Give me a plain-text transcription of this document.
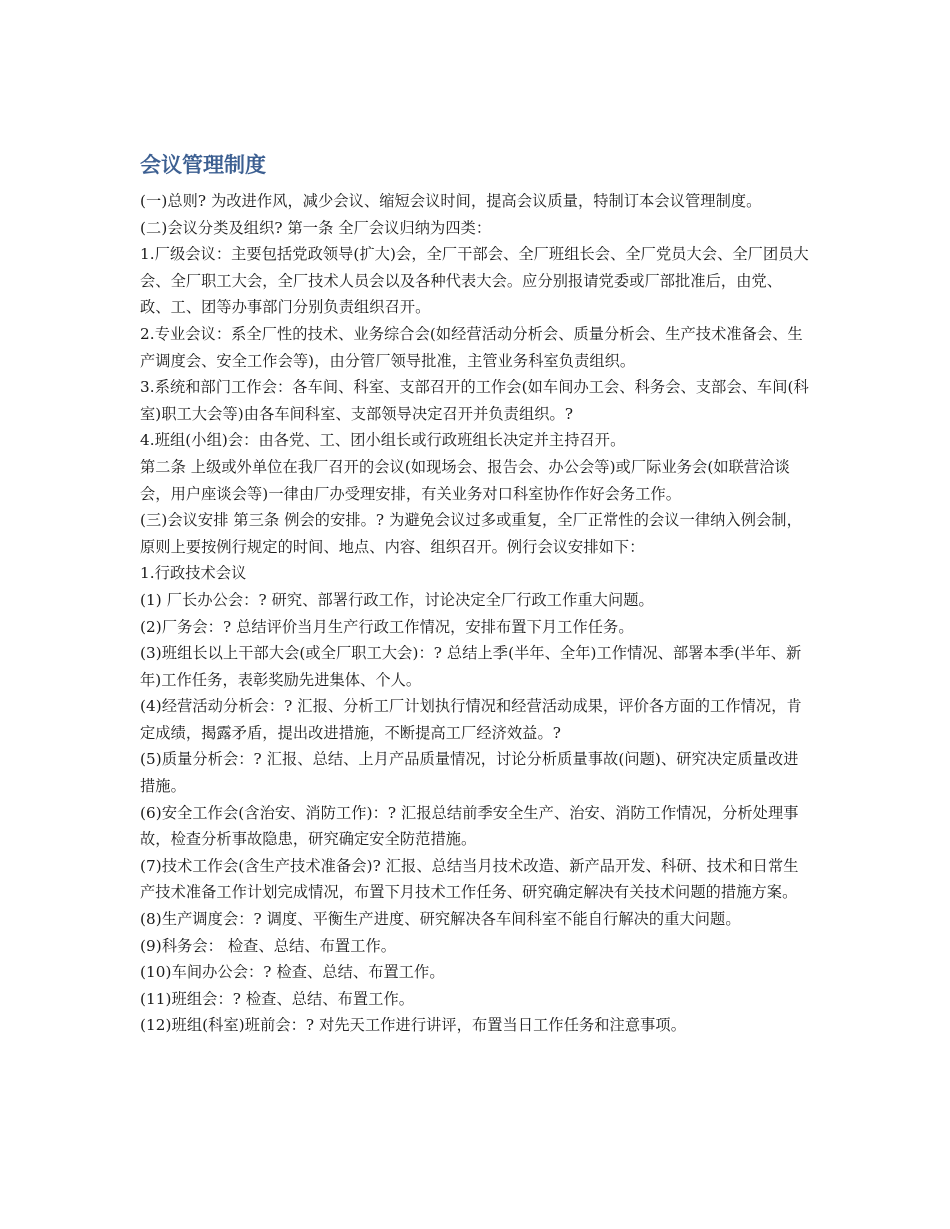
会议管理制度

(一)总则? 为改进作风，减少会议、缩短会议时间，提高会议质量，特制订本会议管理制度。

(二)会议分类及组织? 第一条 全厂会议归纳为四类：

1.厂级会议：主要包括党政领导(扩大)会，全厂干部会、全厂班组长会、全厂党员大会、全厂团员大会、全厂职工大会，全厂技术人员会以及各种代表大会。应分别报请党委或厂部批准后，由党、政、工、团等办事部门分别负责组织召开。

2.专业会议：系全厂性的技术、业务综合会(如经营活动分析会、质量分析会、生产技术准备会、生产调度会、安全工作会等)，由分管厂领导批准，主管业务科室负责组织。

3.系统和部门工作会：各车间、科室、支部召开的工作会(如车间办工会、科务会、支部会、车间(科室)职工大会等)由各车间科室、支部领导决定召开并负责组织。?

4.班组(小组)会：由各党、工、团小组长或行政班组长决定并主持召开。

第二条 上级或外单位在我厂召开的会议(如现场会、报告会、办公会等)或厂际业务会(如联营洽谈会，用户座谈会等)一律由厂办受理安排，有关业务对口科室协作作好会务工作。

(三)会议安排 第三条 例会的安排。? 为避免会议过多或重复，全厂正常性的会议一律纳入例会制，原则上要按例行规定的时间、地点、内容、组织召开。例行会议安排如下：

1.行政技术会议

(1) 厂长办公会：? 研究、部署行政工作，讨论决定全厂行政工作重大问题。

(2)厂务会：? 总结评价当月生产行政工作情况，安排布置下月工作任务。

(3)班组长以上干部大会(或全厂职工大会)：? 总结上季(半年、全年)工作情况、部署本季(半年、新年)工作任务，表彰奖励先进集体、个人。

(4)经营活动分析会：? 汇报、分析工厂计划执行情况和经营活动成果，评价各方面的工作情况，肯定成绩，揭露矛盾，提出改进措施，不断提高工厂经济效益。?

(5)质量分析会：? 汇报、总结、上月产品质量情况，讨论分析质量事故(问题)、研究决定质量改进措施。

(6)安全工作会(含治安、消防工作)：? 汇报总结前季安全生产、治安、消防工作情况，分析处理事故，检查分析事故隐患，研究确定安全防范措施。

(7)技术工作会(含生产技术准备会)? 汇报、总结当月技术改造、新产品开发、科研、技术和日常生产技术准备工作计划完成情况，布置下月技术工作任务、研究确定解决有关技术问题的措施方案。

(8)生产调度会：? 调度、平衡生产进度、研究解决各车间科室不能自行解决的重大问题。

(9)科务会： 检查、总结、布置工作。

(10)车间办公会：? 检查、总结、布置工作。

(11)班组会：? 检查、总结、布置工作。

(12)班组(科室)班前会：? 对先天工作进行讲评，布置当日工作任务和注意事项。
